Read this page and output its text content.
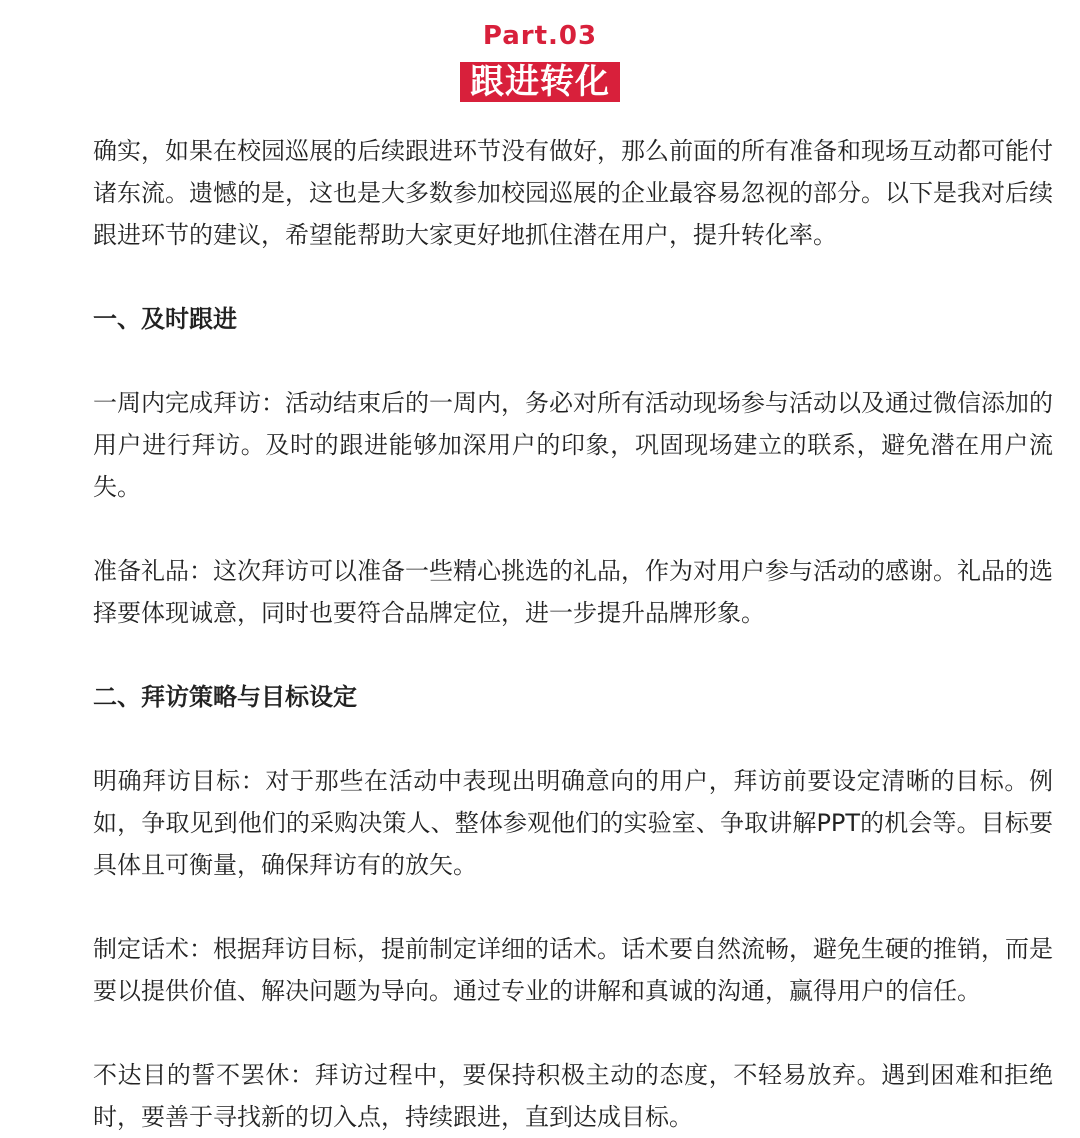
Part.03
跟进转化

确实，如果在校园巡展的后续跟进环节没有做好，那么前面的所有准备和现场互动都可能付诸东流。遗憾的是，这也是大多数参加校园巡展的企业最容易忽视的部分。以下是我对后续跟进环节的建议，希望能帮助大家更好地抓住潜在用户，提升转化率。

一、及时跟进

一周内完成拜访：活动结束后的一周内，务必对所有活动现场参与活动以及通过微信添加的用户进行拜访。及时的跟进能够加深用户的印象，巩固现场建立的联系，避免潜在用户流失。

准备礼品：这次拜访可以准备一些精心挑选的礼品，作为对用户参与活动的感谢。礼品的选择要体现诚意，同时也要符合品牌定位，进一步提升品牌形象。

二、拜访策略与目标设定

明确拜访目标：对于那些在活动中表现出明确意向的用户，拜访前要设定清晰的目标。例如，争取见到他们的采购决策人、整体参观他们的实验室、争取讲解PPT的机会等。目标要具体且可衡量，确保拜访有的放矢。

制定话术：根据拜访目标，提前制定详细的话术。话术要自然流畅，避免生硬的推销，而是要以提供价值、解决问题为导向。通过专业的讲解和真诚的沟通，赢得用户的信任。

不达目的誓不罢休：拜访过程中，要保持积极主动的态度，不轻易放弃。遇到困难和拒绝时，要善于寻找新的切入点，持续跟进，直到达成目标。
